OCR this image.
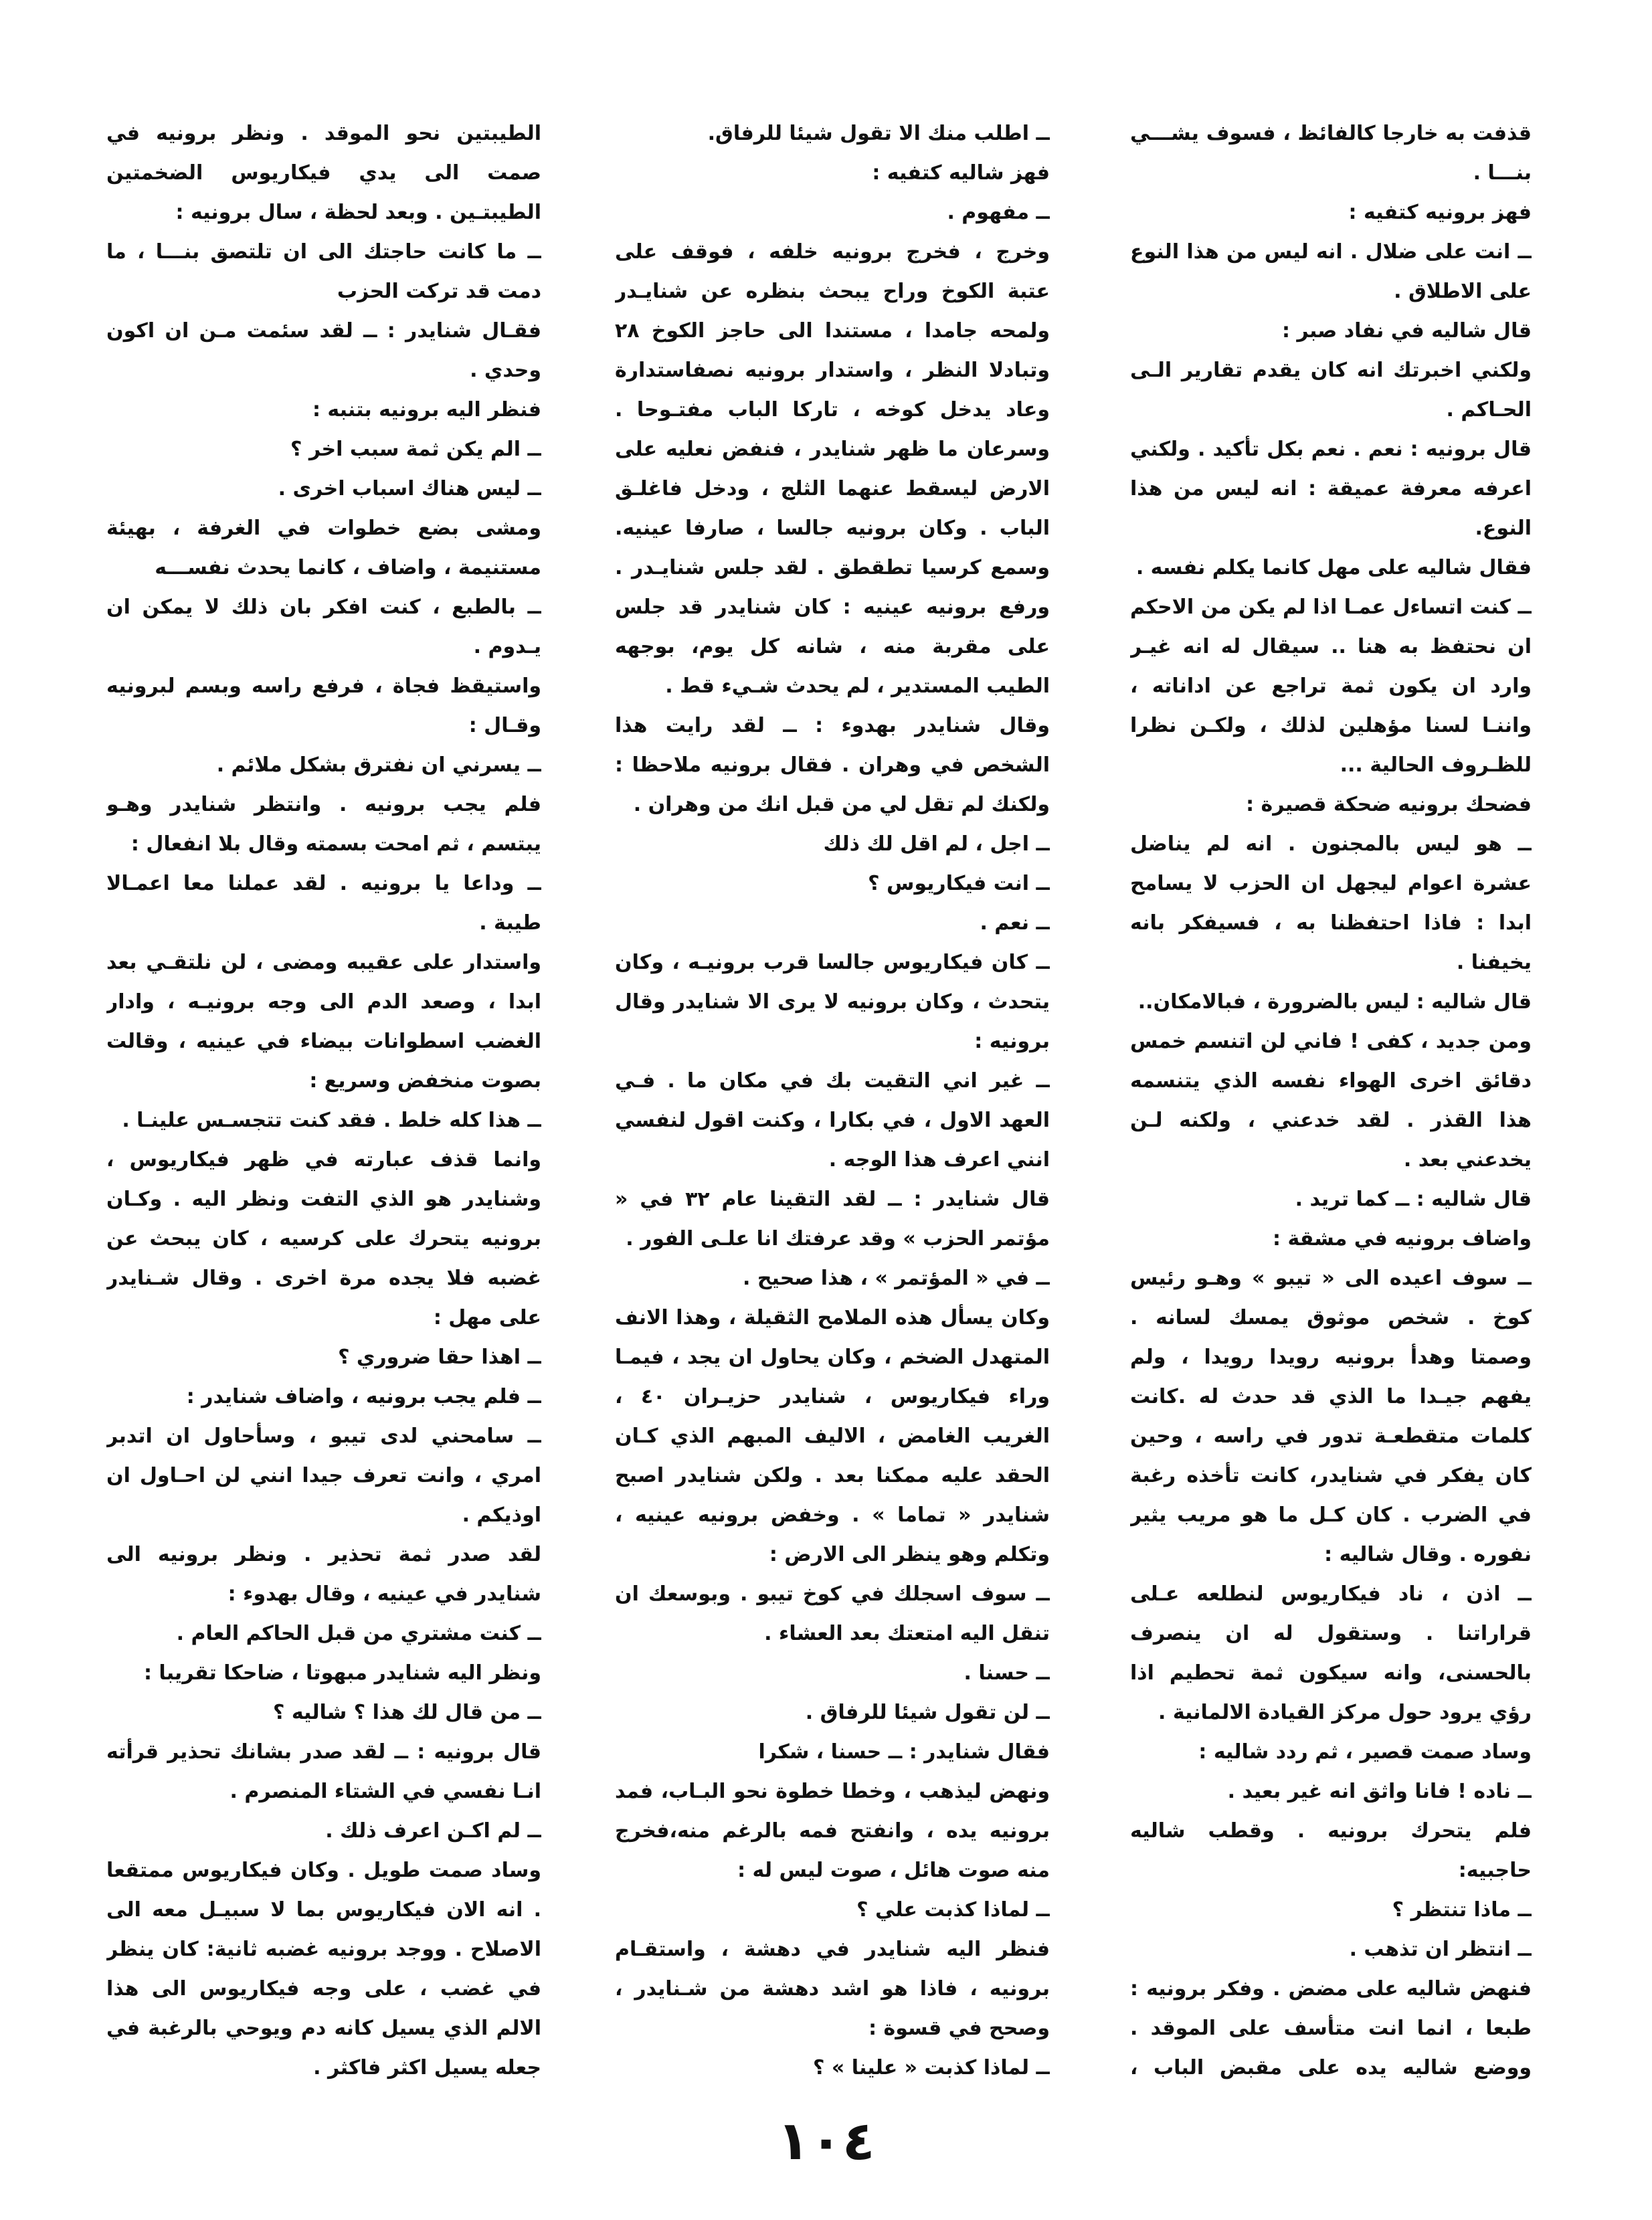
قذفت به خارجا كالفائظ ، فسوف يشـــي بنـــا .

فهز برونيه كتفيه :

ــ انت على ضلال . انه ليس من هذا النوع على الاطلاق .

قال شاليه في نفاد صبر :

ولكني اخبرتك انه كان يقدم تقارير الـى الحـاكم .

قال برونيه : نعم . نعم بكل تأكيد . ولكني اعرفه معرفة عميقة : انه ليس من هذا النوع.

فقال شاليه على مهل كانما يكلم نفسه .

ــ كنت اتساءل عمـا اذا لم يكن من الاحكم ان نحتفظ به هنا .. سيقال له انه غيـر وارد ان يكون ثمة تراجع عن اداناته ، واننـا لسنا مؤهلين لذلك ، ولكـن نظرا للظـروف الحالية ...

فضحك برونيه ضحكة قصيرة :

ــ هو ليس بالمجنون . انه لم يناضل عشرة اعوام ليجهل ان الحزب لا يسامح ابدا : فاذا احتفظنا به ، فسيفكر بانه يخيفنا .

قال شاليه : ليس بالضرورة ، فبالامكان..

ومن جديد ، كفى ! فاني لن اتنسم خمس دقائق اخرى الهواء نفسه الذي يتنسمه هذا القذر . لقد خدعني ، ولكنه لـن يخدعني بعد .

قال شاليه : ــ كما تريد .

واضاف برونيه في مشقة :

ــ سوف اعيده الى « تيبو » وهـو رئيس كوخ . شخص موثوق يمسك لسانه . وصمتا وهدأ برونيه رويدا رويدا ، ولم يفهم جيـدا ما الذي قد حدث له .كانت كلمات متقطعـة تدور في راسه ، وحين كان يفكر في شنايدر، كانت تأخذه رغبة في الضرب . كان كـل ما هو مريب يثير نفوره . وقال شاليه :

ــ اذن ، ناد فيكاريوس لنطلعه عـلى قراراتنا . وستقول له ان ينصرف بالحسنى، وانه سيكون ثمة تحطيم اذا رؤي يرود حول مركز القيادة الالمانية .

وساد صمت قصير ، ثم ردد شاليه :

ــ ناده ! فانا واثق انه غير بعيد .

فلم يتحرك برونيه . وقطب شاليه حاجبيه:

ــ ماذا تنتظر ؟

ــ انتظر ان تذهب .

فنهض شاليه على مضض . وفكر برونيه : طبعا ، انما انت متأسف على الموقد . ووضع شاليه يده على مقبض الباب ،

ــ اطلب منك الا تقول شيئا للرفاق.

فهز شاليه كتفيه :

ــ مفهوم .

وخرج ، فخرج برونيه خلفه ، فوقف على عتبة الكوخ وراح يبحث بنظره عن شنايـدر ولمحه جامدا ، مستندا الى حاجز الكوخ ٢٨ وتبادلا النظر ، واستدار برونيه نصفاستدارة وعاد يدخل كوخه ، تاركا الباب مفتـوحا . وسرعان ما ظهر شنايدر ، فنفض نعليه على الارض ليسقط عنهما الثلج ، ودخل فاغلـق الباب . وكان برونيه جالسا ، صارفا عينيه. وسمع كرسيا تطقطق . لقد جلس شنايـدر . ورفع برونيه عينيه : كان شنايدر قد جلس على مقربة منه ، شانه كل يوم، بوجهه الطيب المستدير ، لم يحدث شـيء قط .

وقال شنايدر بهدوء : ــ لقد رايت هذا الشخص في وهران . فقال برونيه ملاحظا : ولكنك لم تقل لي من قبل انك من وهران .

ــ اجل ، لم اقل لك ذلك

ــ انت فيكاريوس ؟

ــ نعم .

ــ كان فيكاريوس جالسا قرب برونيـه ، وكان يتحدث ، وكان برونيه لا يرى الا شنايدر وقال برونيه :

ــ غير اني التقيت بك في مكان ما . فـي العهد الاول ، في بكارا ، وكنت اقول لنفسي انني اعرف هذا الوجه .

قال شنايدر : ــ لقد التقينا عام ٣٢ في « مؤتمر الحزب » وقد عرفتك انا علـى الفور .

ــ في « المؤتمر » ، هذا صحيح .

وكان يسأل هذه الملامح الثقيلة ، وهذا الانف المتهدل الضخم ، وكان يحاول ان يجد ، فيمـا وراء فيكاريوس ، شنايدر حزيـران ٤٠ ، الغريب الغامض ، الاليف المبهم الذي كـان الحقد عليه ممكنا بعد . ولكن شنايدر اصبح شنايدر « تماما » . وخفض برونيه عينيه ، وتكلم وهو ينظر الى الارض :

ــ سوف اسجلك في كوخ تيبو . وبوسعك ان تنقل اليه امتعتك بعد العشاء .

ــ حسنا .

ــ لن تقول شيئا للرفاق .

فقال شنايدر : ــ حسنا ، شكرا

ونهض ليذهب ، وخطا خطوة نحو البـاب، فمد برونيه يده ، وانفتح فمه بالرغم منه،فخرج منه صوت هائل ، صوت ليس له :

ــ لماذا كذبت علي ؟

فنظر اليه شنايدر في دهشة ، واستقـام برونيه ، فاذا هو اشد دهشة من شـنايدر ، وصحح في قسوة :

ــ لماذا كذبت « علينا » ؟

الطيبتين نحو الموقد . ونظر برونيه في صمت الى يدي فيكاريوس الضخمتين الطيبتـين . وبعد لحظة ، سال برونيه :

ــ ما كانت حاجتك الى ان تلتصق بنـــا ، ما دمت قد تركت الحزب

فقـال شنايدر : ــ لقد سئمت مـن ان اكون وحدي .

فنظر اليه برونيه بتنبه :

ــ الم يكن ثمة سبب اخر ؟

ــ ليس هناك اسباب اخرى .

ومشى بضع خطوات في الغرفة ، بهيئة مستنيمة ، واضاف ، كانما يحدث نفســـه

ــ بالطبع ، كنت افكر بان ذلك لا يمكن ان يـدوم .

واستيقظ فجاة ، فرفع راسه وبسم لبرونيه وقـال :

ــ يسرني ان نفترق بشكل ملائم .

فلم يجب برونيه . وانتظر شنايدر وهـو يبتسم ، ثم امحت بسمته وقال بلا انفعال :

ــ وداعا يا برونيه . لقد عملنا معا اعمـالا طيبة .

واستدار على عقيبه ومضى ، لن نلتقـي بعد ابدا ، وصعد الدم الى وجه برونيـه ، وادار الغضب اسطوانات بيضاء في عينيه ، وقالت بصوت منخفض وسريع :

ــ هذا كله خلط . فقد كنت تتجسـس علينـا .

وانما قذف عبارته في ظهر فيكاريوس ، وشنايدر هو الذي التفت ونظر اليه . وكـان برونيه يتحرك على كرسيه ، كان يبحث عن غضبه فلا يجده مرة اخرى . وقال شـنايدر على مهل :

ــ اهذا حقا ضروري ؟

ــ فلم يجب برونيه ، واضاف شنايدر :

ــ سامحني لدى تيبو ، وسأحاول ان اتدبر امري ، وانت تعرف جيدا انني لن احـاول ان اوذيكم .

لقد صدر ثمة تحذير . ونظر برونيه الى شنايدر في عينيه ، وقال بهدوء :

ــ كنت مشتري من قبل الحاكم العام .

ونظر اليه شنايدر مبهوتا ، ضاحكا تقريبا :

ــ من قال لك هذا ؟ شاليه ؟

قال برونيه : ــ لقد صدر بشانك تحذير قرأته انـا نفسي في الشتاء المنصرم .

ــ لم اكـن اعرف ذلك .

وساد صمت طويل . وكان فيكاريوس ممتقعا . انه الان فيكاريوس بما لا سبيـل معه الى الاصلاح . ووجد برونيه غضبه ثانية: كان ينظر في غضب ، على وجه فيكاريوس الى هذا الالم الذي يسيل كانه دم ويوحي بالرغبة في جعله يسيل اكثر فاكثر .

١٠٤
